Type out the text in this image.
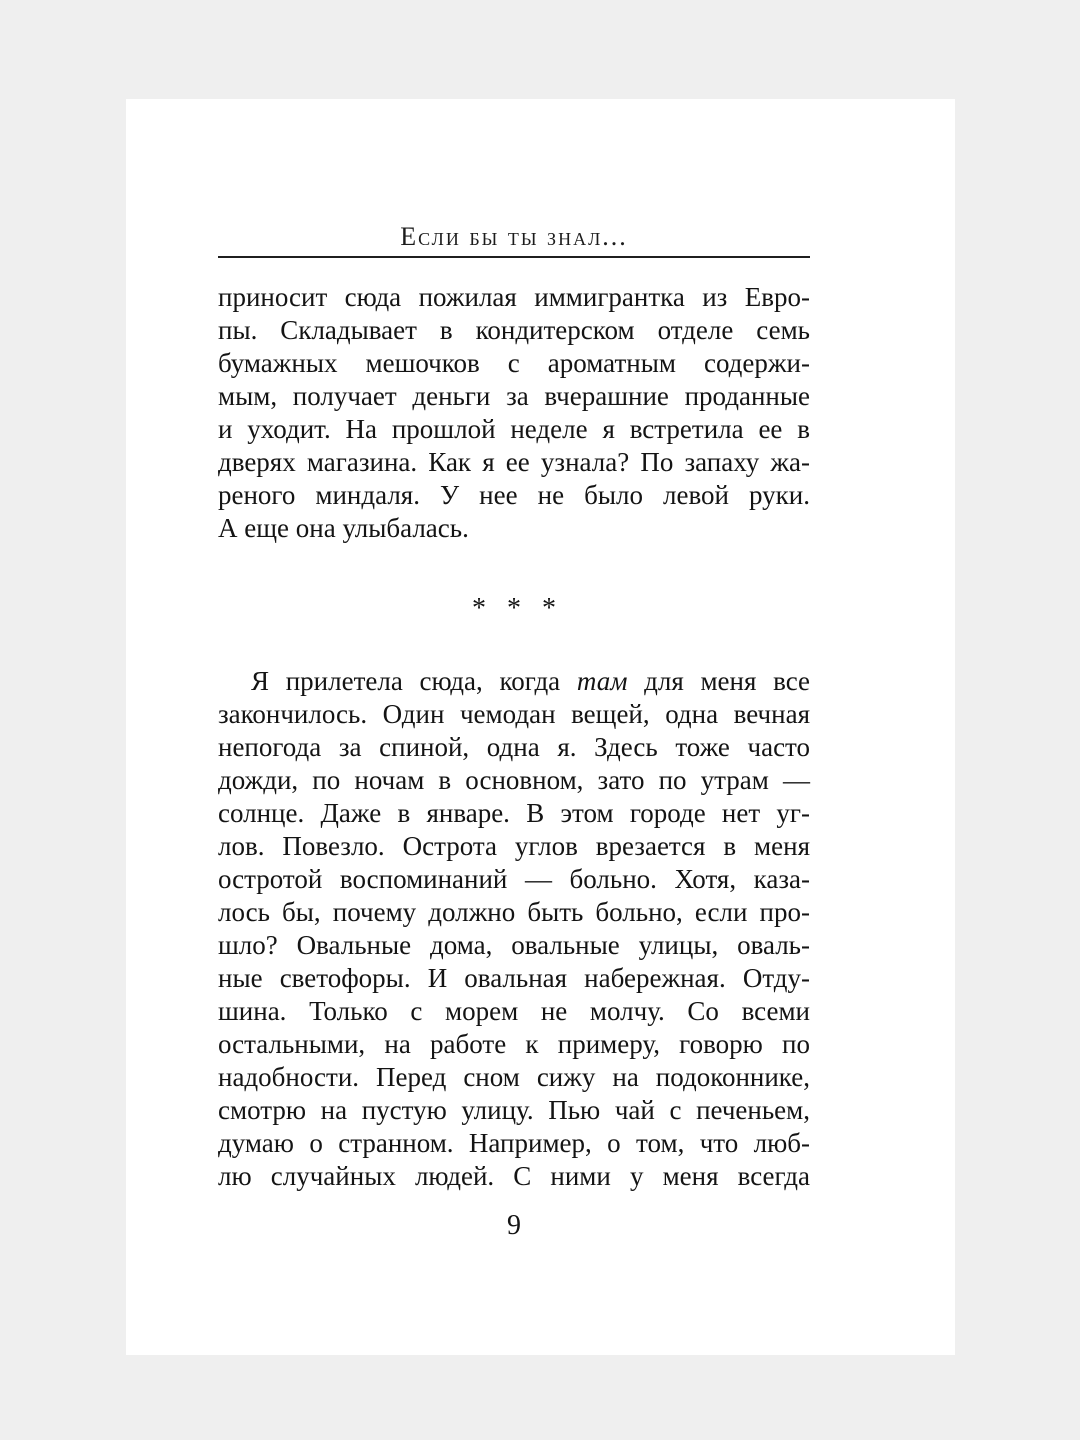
Если бы ты знал...
приносит сюда пожилая иммигрантка из Евро-
пы. Складывает в кондитерском отделе семь
бумажных мешочков с ароматным содержи-
мым, получает деньги за вчерашние проданные
и уходит. На прошлой неделе я встретила ее в
дверях магазина. Как я ее узнала? По запаху жа-
реного миндаля. У нее не было левой руки.
А еще она улыбалась.
* * *
Я прилетела сюда, когда там для меня все
закончилось. Один чемодан вещей, одна вечная
непогода за спиной, одна я. Здесь тоже часто
дожди, по ночам в основном, зато по утрам —
солнце. Даже в январе. В этом городе нет уг-
лов. Повезло. Острота углов врезается в меня
остротой воспоминаний — больно. Хотя, каза-
лось бы, почему должно быть больно, если про-
шло? Овальные дома, овальные улицы, оваль-
ные светофоры. И овальная набережная. Отду-
шина. Только с морем не молчу. Со всеми
остальными, на работе к примеру, говорю по
надобности. Перед сном сижу на подоконнике,
смотрю на пустую улицу. Пью чай с печеньем,
думаю о странном. Например, о том, что люб-
лю случайных людей. С ними у меня всегда
9
